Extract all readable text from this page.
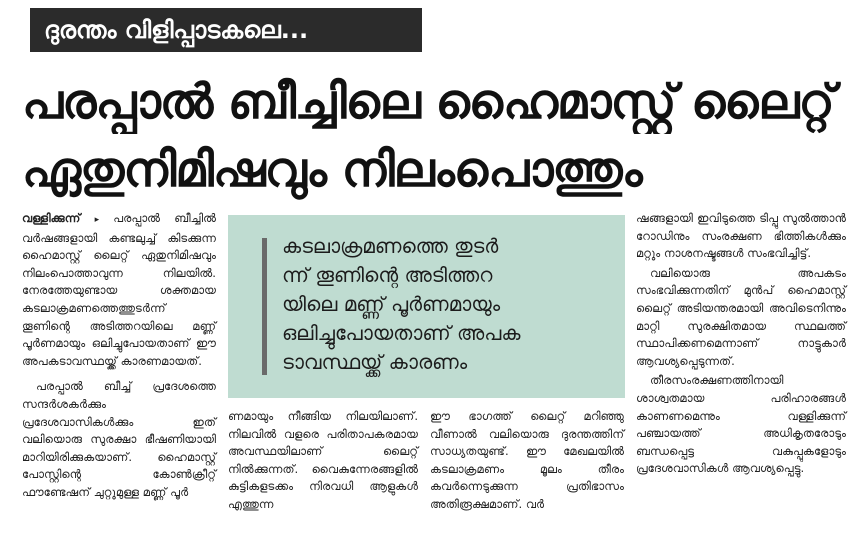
ദുരന്തം വിളിപ്പാടകലെ...
പരപ്പാൽ ബീച്ചിലെ ഹൈമാസ്റ്റ് ലൈറ്റ്
ഏതുനിമിഷവും നിലംപൊത്തും

വള്ളിക്കുന്ന് ▸ പരപ്പാൽ ബീച്ചിൽ വർഷങ്ങളായി കണ്ടലുച്ച് കിടക്കുന്ന ഹൈമാസ്റ്റ് ലൈറ്റ് ഏതുനിമിഷവും നിലംപൊത്താവുന്ന നിലയിൽ. നേരത്തേയുണ്ടായ ശക്തമായ കടലാക്രമണത്തെത്തുടർന്ന് തൂണിന്റെ അടിത്തറയിലെ മണ്ണ് പൂർണമായും ഒലിച്ചുപോയതാണ് ഈ അപകടാവസ്ഥയ്ക്ക് കാരണമായത്.

പരപ്പാൽ ബീച്ച് പ്രദേശത്തെ സന്ദർശകർക്കും പ്രദേശവാസികൾക്കും ഇത് വലിയൊരു സുരക്ഷാ ഭീഷണിയായി മാറിയിരിക്കുകയാണ്. ഹൈമാസ്റ്റ് പോസ്റ്റിന്റെ കോൺക്രീറ്റ് ഫൗണ്ടേഷന് ചുറ്റുമുള്ള മണ്ണ് പൂർ

കടലാക്രമണത്തെ തുടർ
ന്ന് തൂണിന്റെ അടിത്തറ
യിലെ മണ്ണ് പൂർണമായും
ഒലിച്ചുപോയതാണ് അപക
ടാവസ്ഥയ്ക്ക് കാരണം

ണമായും നീങ്ങിയ നിലയിലാണ്. നിലവിൽ വളരെ പരിതാപകരമായ അവസ്ഥയിലാണ് ലൈറ്റ് നിൽക്കുന്നത്. വൈകുന്നേരങ്ങളിൽ കുട്ടികളടക്കം നിരവധി ആളുകൾ എത്തുന്ന

ഈ ഭാഗത്ത് ലൈറ്റ് മറിഞ്ഞു വീണാൽ വലിയൊരു ദുരന്തത്തിന് സാധ്യതയുണ്ട്. ഈ മേഖലയിൽ കടലാക്രമണം മൂലം തീരം കവർന്നെടുക്കുന്ന പ്രതിഭാസം അതിരൂക്ഷമാണ്. വർ

ഷങ്ങളായി ഇവിടുത്തെ ടിപ്പു സുൽത്താൻ റോഡിനും സംരക്ഷണ ഭിത്തികൾക്കും മറ്റും നാശനഷ്ടങ്ങൾ സംഭവിച്ചിട്ട്.

വലിയൊരു അപകടം സംഭവിക്കുന്നതിന് മുൻപ് ഹൈമാസ്റ്റ് ലൈറ്റ് അടിയന്തരമായി അവിടെനിന്നും മാറ്റി സുരക്ഷിതമായ സ്ഥലത്ത് സ്ഥാപിക്കണമെന്നാണ് നാട്ടുകാർ ആവശ്യപ്പെടുന്നത്.

തീരസംരക്ഷണത്തിനായി ശാശ്വതമായ പരിഹാരങ്ങൾ കാണണമെന്നും വള്ളിക്കുന്ന് പഞ്ചായത്ത് അധികൃതരോടും ബന്ധപ്പെട്ട വകുപ്പുകളോടും പ്രദേശവാസികൾ ആവശ്യപ്പെട്ടു.
